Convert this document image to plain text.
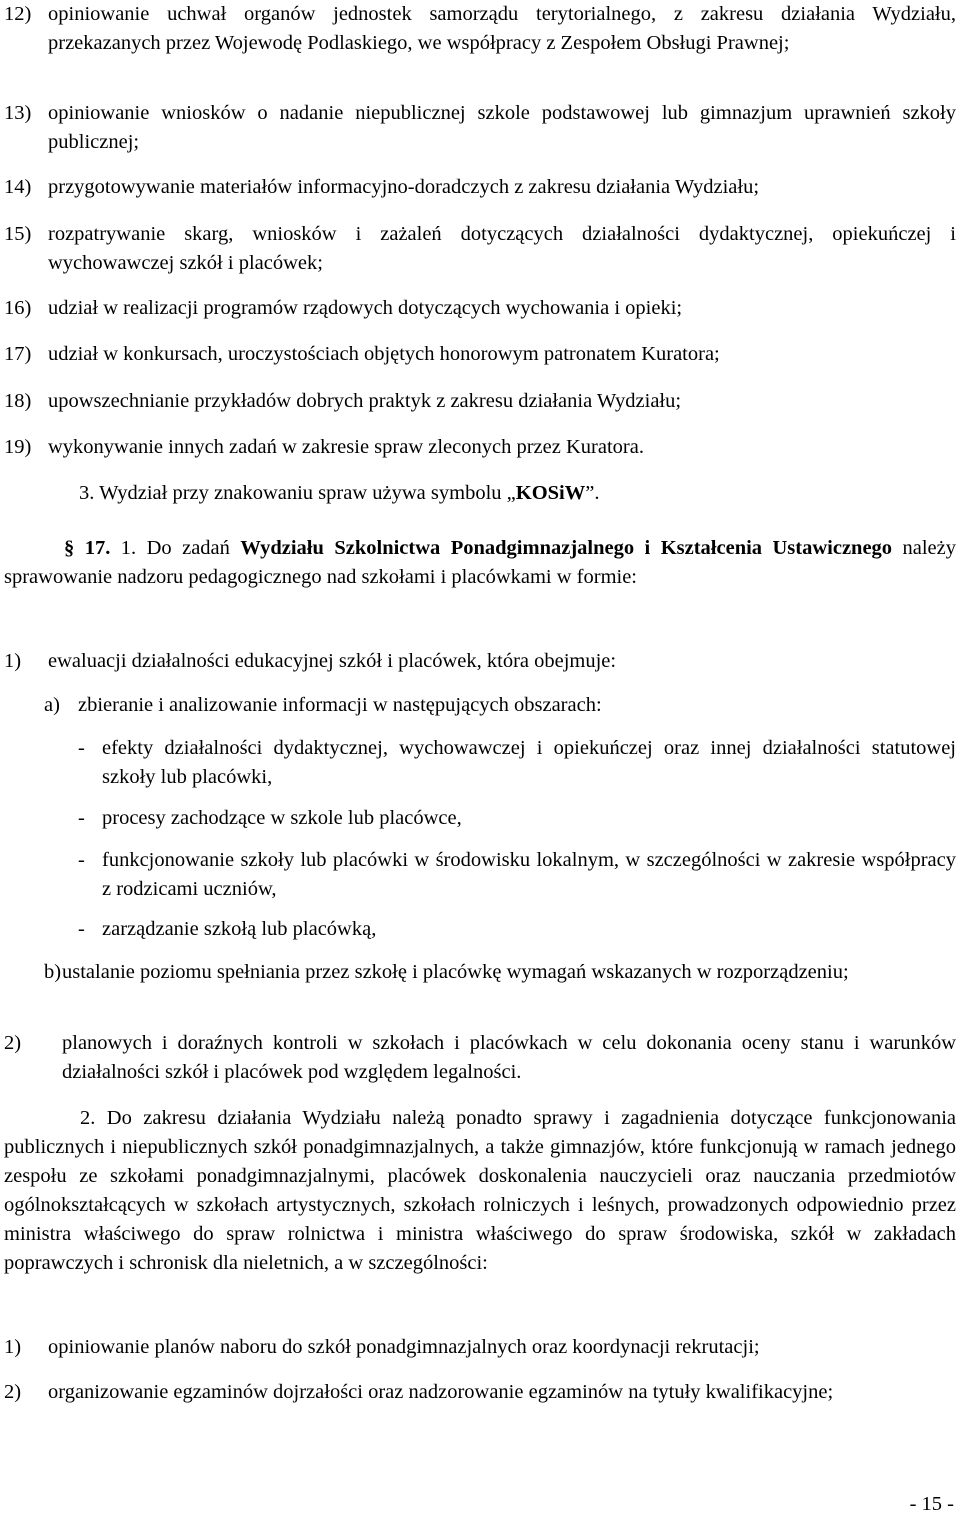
12) opiniowanie uchwał organów jednostek samorządu terytorialnego, z zakresu działania Wydziału, przekazanych przez Wojewodę Podlaskiego, we współpracy z Zespołem Obsługi Prawnej;
13) opiniowanie wniosków o nadanie niepublicznej szkole podstawowej lub gimnazjum uprawnień szkoły publicznej;
14) przygotowywanie materiałów informacyjno-doradczych z zakresu działania Wydziału;
15) rozpatrywanie skarg, wniosków i zażaleń dotyczących działalności dydaktycznej, opiekuńczej i wychowawczej szkół i placówek;
16) udział w realizacji programów rządowych dotyczących wychowania i opieki;
17) udział w konkursach, uroczystościach objętych honorowym patronatem Kuratora;
18) upowszechnianie przykładów dobrych praktyk z zakresu działania Wydziału;
19) wykonywanie innych zadań w zakresie spraw zleconych przez Kuratora.
3. Wydział przy znakowaniu spraw używa symbolu „KOSiW”.
§ 17. 1. Do zadań Wydziału Szkolnictwa Ponadgimnazjalnego i Kształcenia Ustawicznego należy sprawowanie nadzoru pedagogicznego nad szkołami i placówkami w formie:
1)	ewaluacji działalności edukacyjnej szkół i placówek, która obejmuje:
a) zbieranie i analizowanie informacji w następujących obszarach:
- efekty działalności dydaktycznej, wychowawczej i opiekuńczej oraz innej działalności statutowej szkoły lub placówki,
- procesy zachodzące w szkole lub placówce,
- funkcjonowanie szkoły lub placówki w środowisku lokalnym, w szczególności w zakresie współpracy z rodzicami uczniów,
- zarządzanie szkołą lub placówką,
b) ustalanie poziomu spełniania przez szkołę i placówkę wymagań wskazanych w rozporządzeniu;
2)	planowych i doraźnych kontroli w szkołach i placówkach w celu dokonania oceny stanu i warunków działalności szkół i placówek pod względem legalności.
2. Do zakresu działania Wydziału należą ponadto sprawy i zagadnienia dotyczące funkcjonowania publicznych i niepublicznych szkół ponadgimnazjalnych, a także gimnazjów, które funkcjonują w ramach jednego zespołu ze szkołami ponadgimnazjalnymi, placówek doskonalenia nauczycieli oraz nauczania przedmiotów ogólnokształcących w szkołach artystycznych, szkołach rolniczych i leśnych, prowadzonych odpowiednio przez ministra właściwego do spraw rolnictwa i ministra właściwego do spraw środowiska, szkół w zakładach poprawczych i schronisk dla nieletnich, a w szczególności:
1)	opiniowanie planów naboru do szkół ponadgimnazjalnych oraz koordynacji rekrutacji;
2)	organizowanie egzaminów dojrzałości oraz nadzorowanie egzaminów na tytuły kwalifikacyjne;
- 15 -
